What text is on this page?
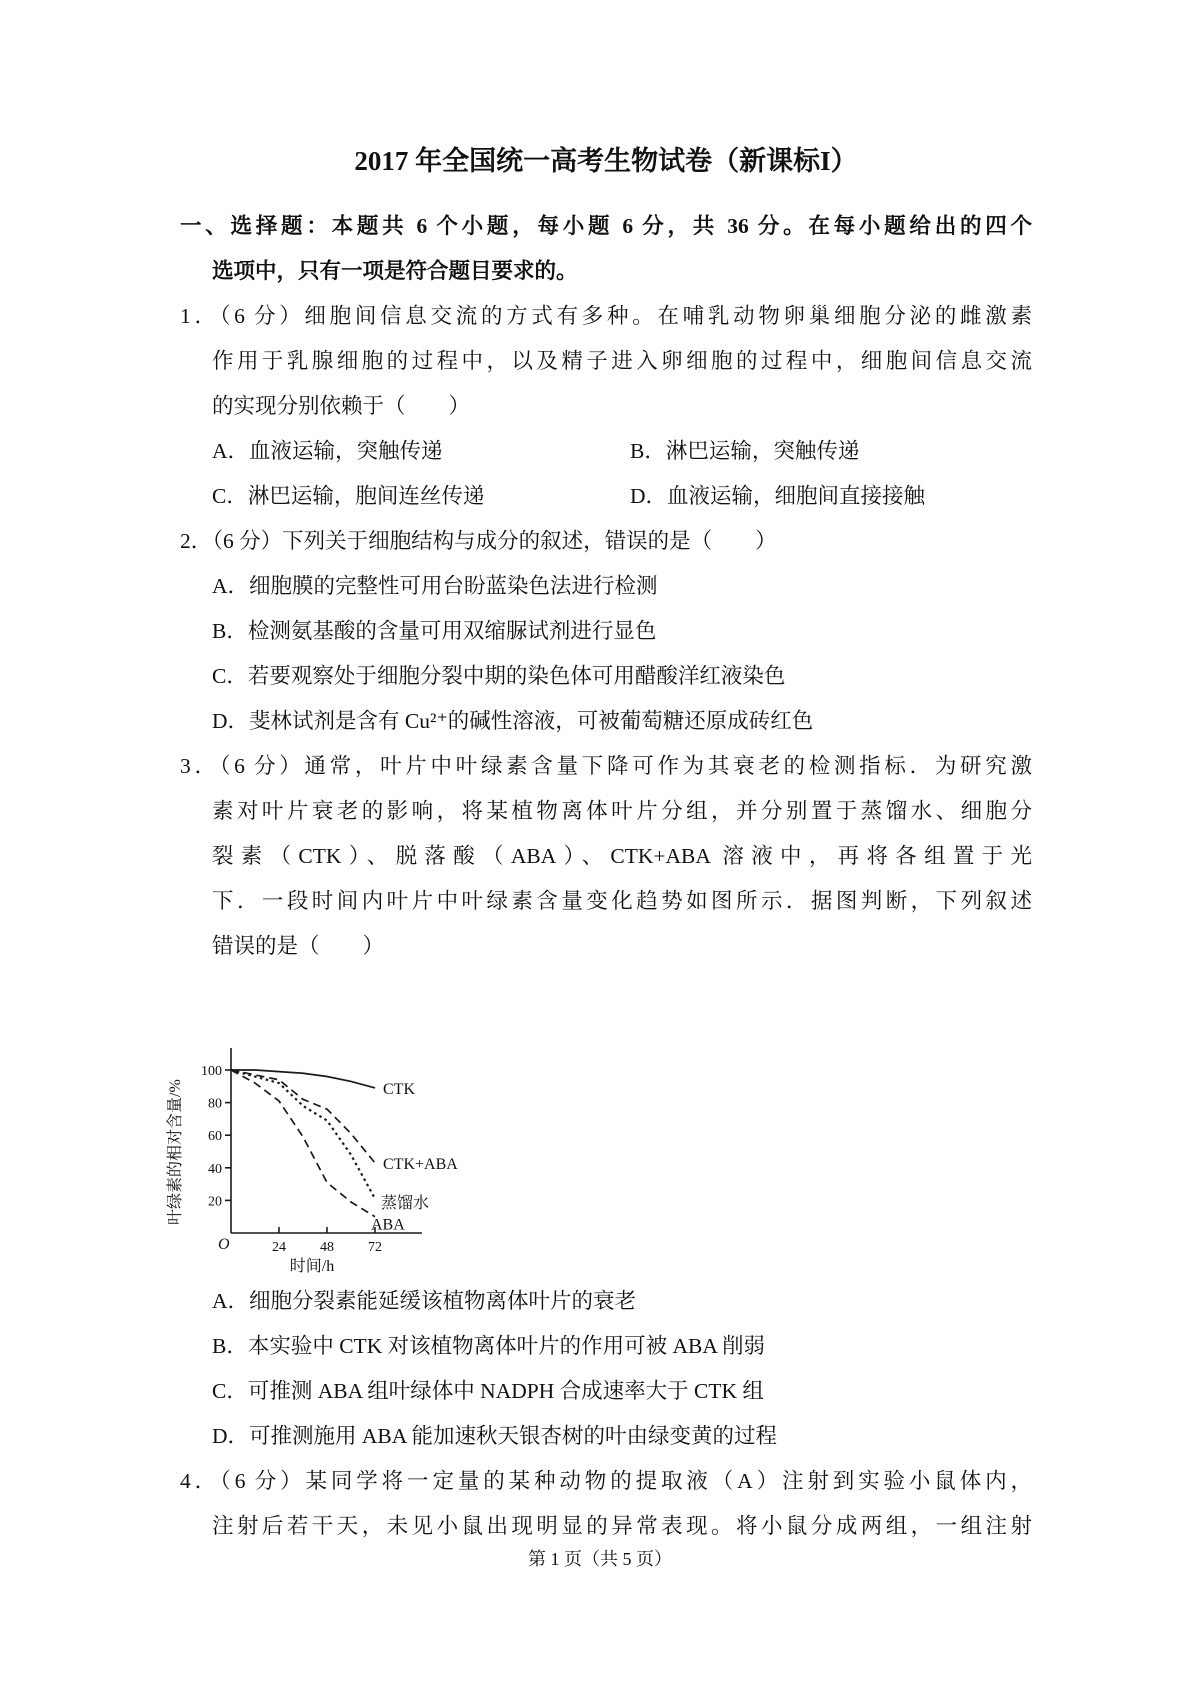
2017 年全国统一高考生物试卷（新课标I）
一、选择题：本题共 6 个小题，每小题 6 分，共 36 分。在每小题给出的四个
选项中，只有一项是符合题目要求的。
1．（6 分）细胞间信息交流的方式有多种。在哺乳动物卵巢细胞分泌的雌激素
作用于乳腺细胞的过程中，以及精子进入卵细胞的过程中，细胞间信息交流
的实现分别依赖于（　　）
A．血液运输，突触传递	B．淋巴运输，突触传递
C．淋巴运输，胞间连丝传递	D．血液运输，细胞间直接接触
2．（6 分）下列关于细胞结构与成分的叙述，错误的是（　　）
A．细胞膜的完整性可用台盼蓝染色法进行检测
B．检测氨基酸的含量可用双缩脲试剂进行显色
C．若要观察处于细胞分裂中期的染色体可用醋酸洋红液染色
D．斐林试剂是含有 Cu²⁺的碱性溶液，可被葡萄糖还原成砖红色
3．（6 分）通常，叶片中叶绿素含量下降可作为其衰老的检测指标．为研究激
素对叶片衰老的影响，将某植物离体叶片分组，并分别置于蒸馏水、细胞分
裂素（CTK）、脱落酸（ABA）、CTK+ABA 溶液中，再将各组置于光
下．一段时间内叶片中叶绿素含量变化趋势如图所示．据图判断，下列叙述
错误的是（　　）
20
40
60
80
100
24 48 72
O
时间/h
叶绿素的相对含量/%	CTK
CTK+ABA
蒸馏水
ABA
A．细胞分裂素能延缓该植物离体叶片的衰老
B．本实验中 CTK 对该植物离体叶片的作用可被 ABA 削弱
C．可推测 ABA 组叶绿体中 NADPH 合成速率大于 CTK 组
D．可推测施用 ABA 能加速秋天银杏树的叶由绿变黄的过程
4．（6 分）某同学将一定量的某种动物的提取液（A）注射到实验小鼠体内，
注射后若干天，未见小鼠出现明显的异常表现。将小鼠分成两组，一组注射
第 1 页（共 5 页）
